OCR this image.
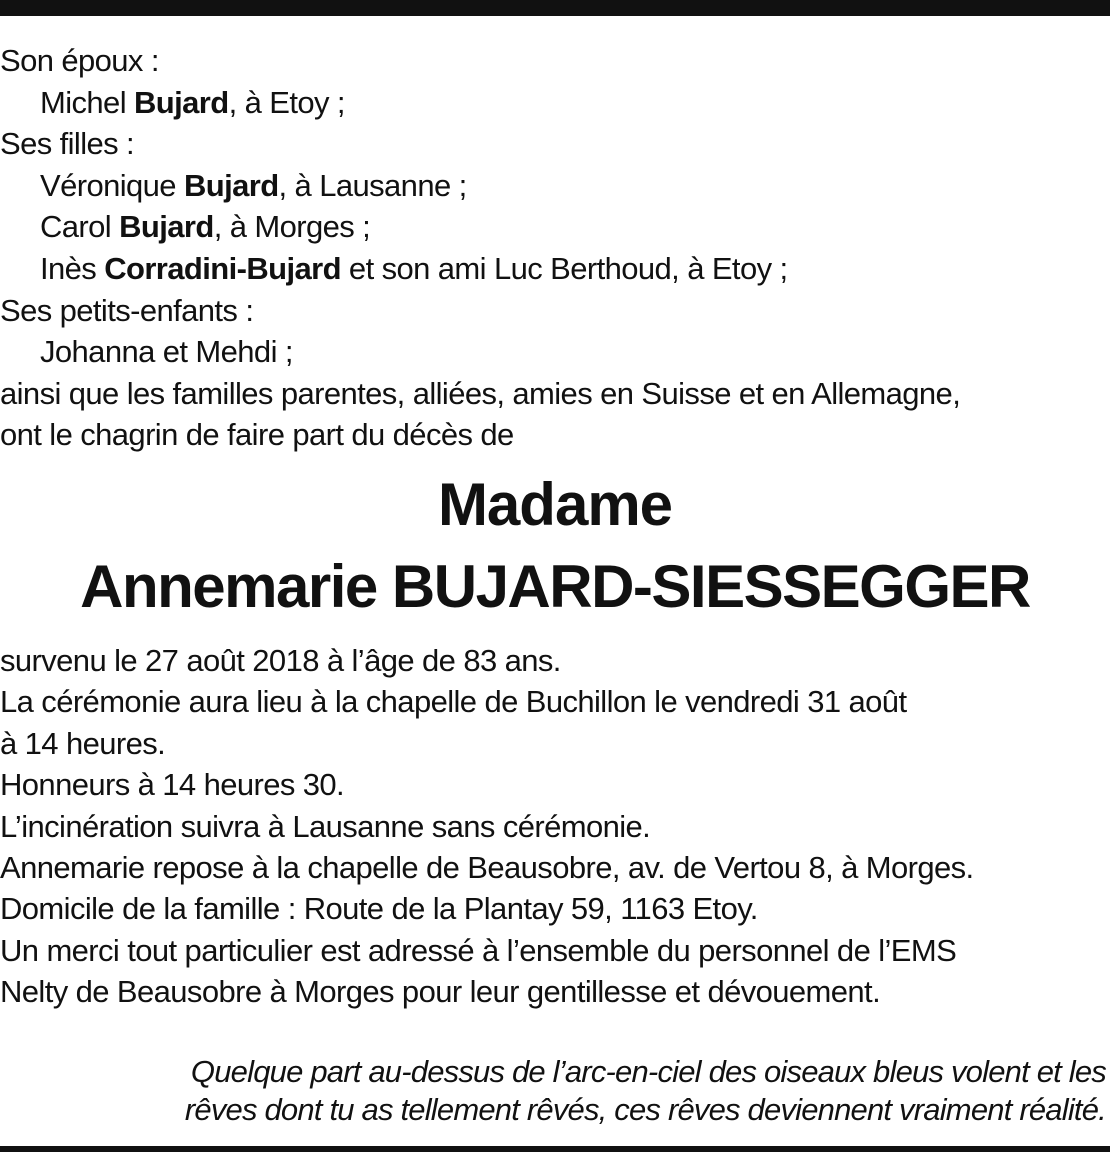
Son époux :
Michel Bujard, à Etoy ;
Ses filles :
Véronique Bujard, à Lausanne ;
Carol Bujard, à Morges ;
Inès Corradini-Bujard et son ami Luc Berthoud, à Etoy ;
Ses petits-enfants :
Johanna et Mehdi ;
ainsi que les familles parentes, alliées, amies en Suisse et en Allemagne,
ont le chagrin de faire part du décès de
Madame
Annemarie BUJARD-SIESSEGGER
survenu le 27 août 2018 à l’âge de 83 ans.
La cérémonie aura lieu à la chapelle de Buchillon le vendredi 31 août
à 14 heures.
Honneurs à 14 heures 30.
L’incinération suivra à Lausanne sans cérémonie.
Annemarie repose à la chapelle de Beausobre, av. de Vertou 8, à Morges.
Domicile de la famille : Route de la Plantay 59, 1163 Etoy.
Un merci tout particulier est adressé à l’ensemble du personnel de l’EMS
Nelty de Beausobre à Morges pour leur gentillesse et dévouement.
Quelque part au-dessus de l’arc-en-ciel des oiseaux bleus volent et les
rêves dont tu as tellement rêvés, ces rêves deviennent vraiment réalité.
